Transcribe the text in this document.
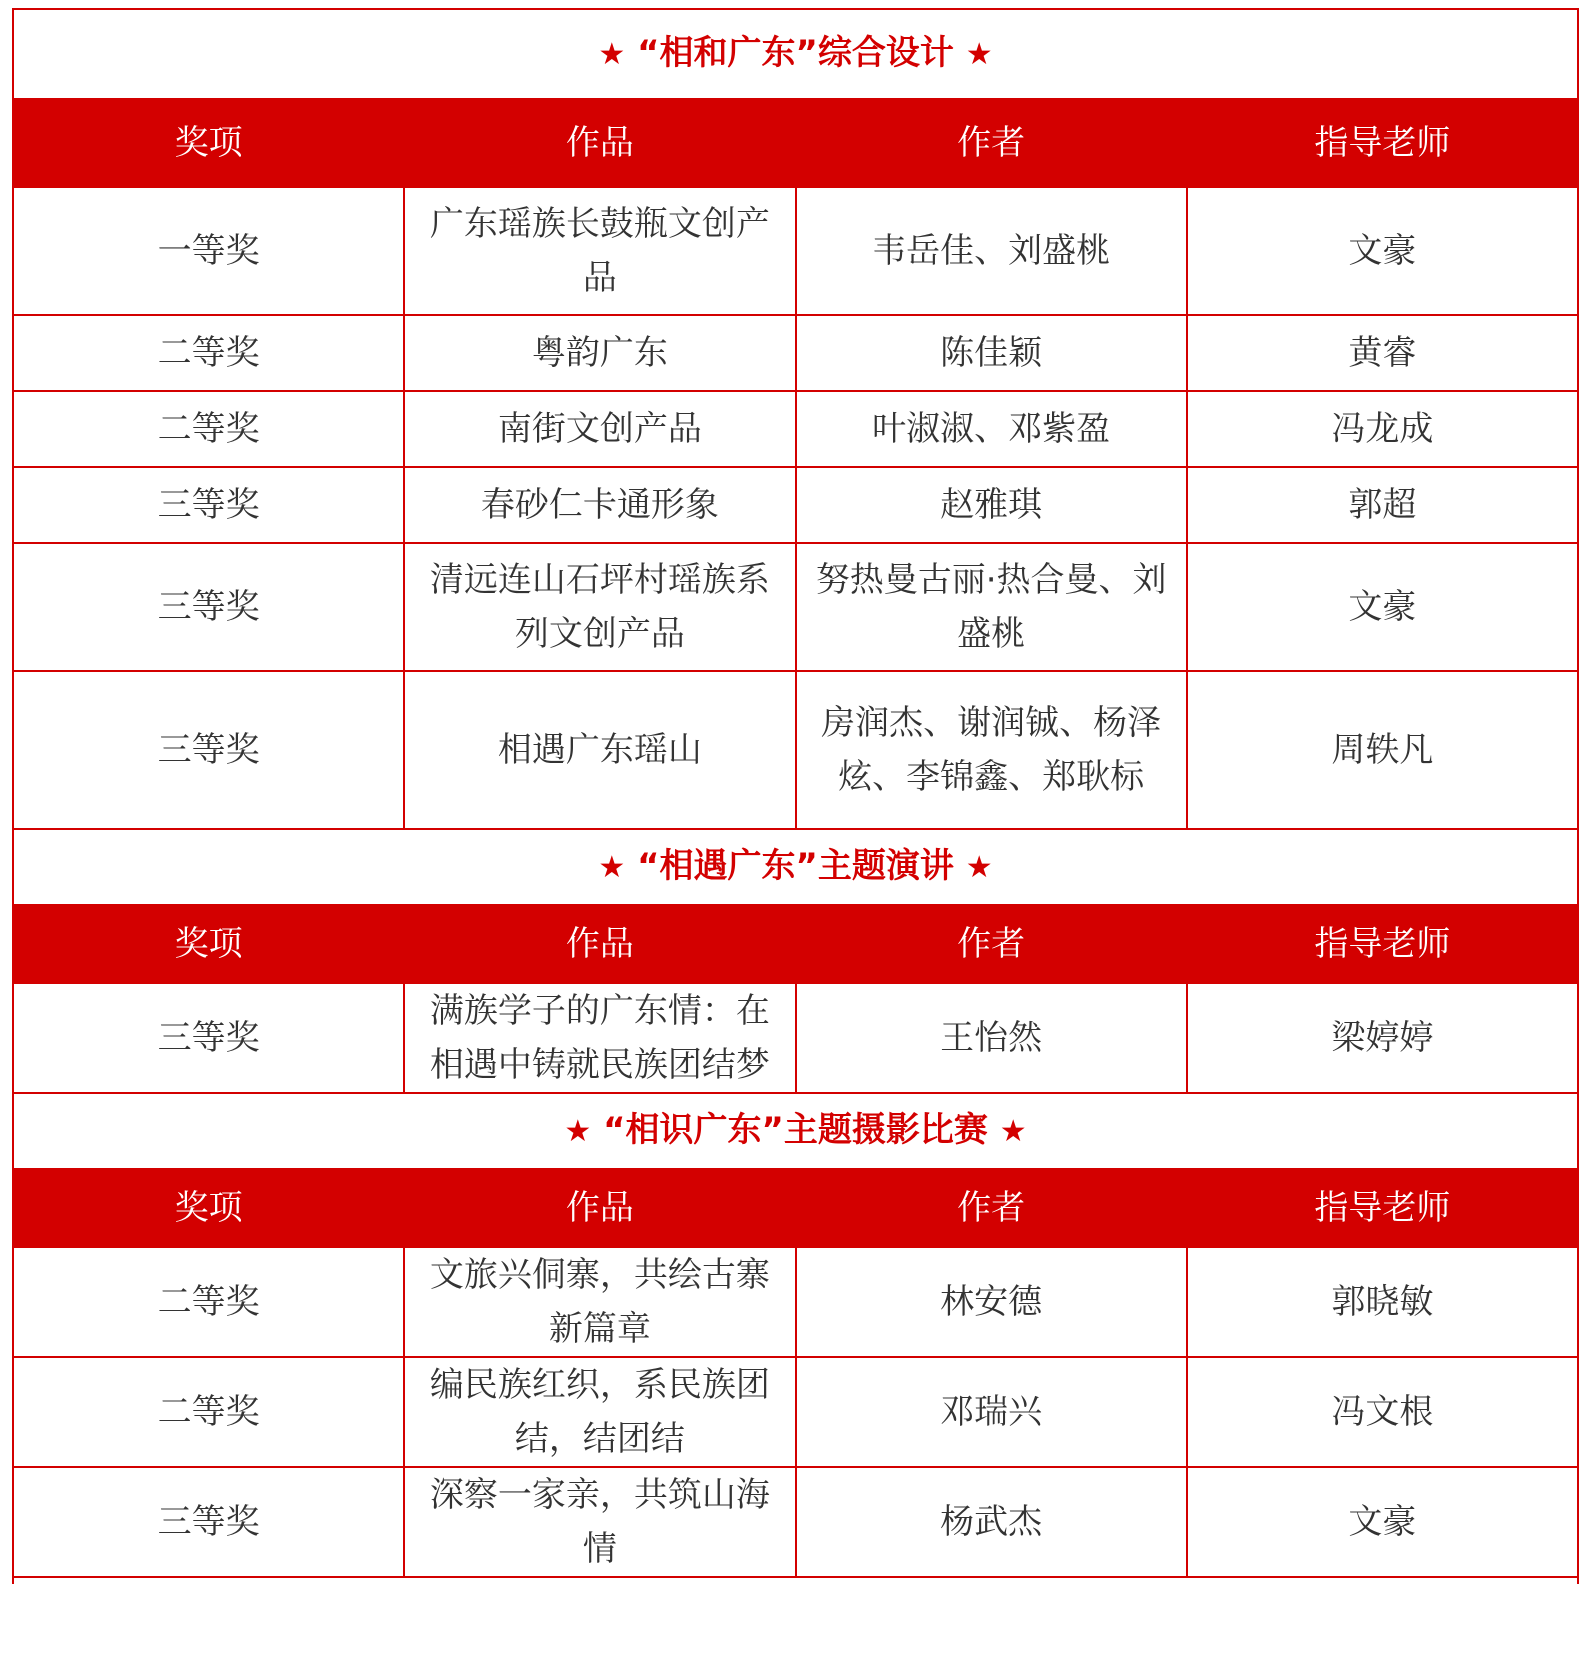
★ “相和广东”综合设计 ★			
奖项	作品	作者	指导老师
一等奖	广东瑶族长鼓瓶文创产品	韦岳佳、刘盛桃	文豪
二等奖	粤韵广东	陈佳颖	黄睿
二等奖	南街文创产品	叶淑淑、邓紫盈	冯龙成
三等奖	春砂仁卡通形象	赵雅琪	郭超
三等奖	清远连山石坪村瑶族系列文创产品	努热曼古丽·热合曼、刘盛桃	文豪
三等奖	相遇广东瑶山	房润杰、谢润铖、杨泽炫、李锦鑫、郑耿标	周轶凡
★ “相遇广东”主题演讲 ★			
奖项	作品	作者	指导老师
三等奖	满族学子的广东情：在相遇中铸就民族团结梦	王怡然	梁婷婷
★ “相识广东”主题摄影比赛 ★			
奖项	作品	作者	指导老师
二等奖	文旅兴侗寨，共绘古寨新篇章	林安德	郭晓敏
二等奖	编民族红织，系民族团结，结团结	邓瑞兴	冯文根
三等奖	深察一家亲，共筑山海情	杨武杰	文豪
